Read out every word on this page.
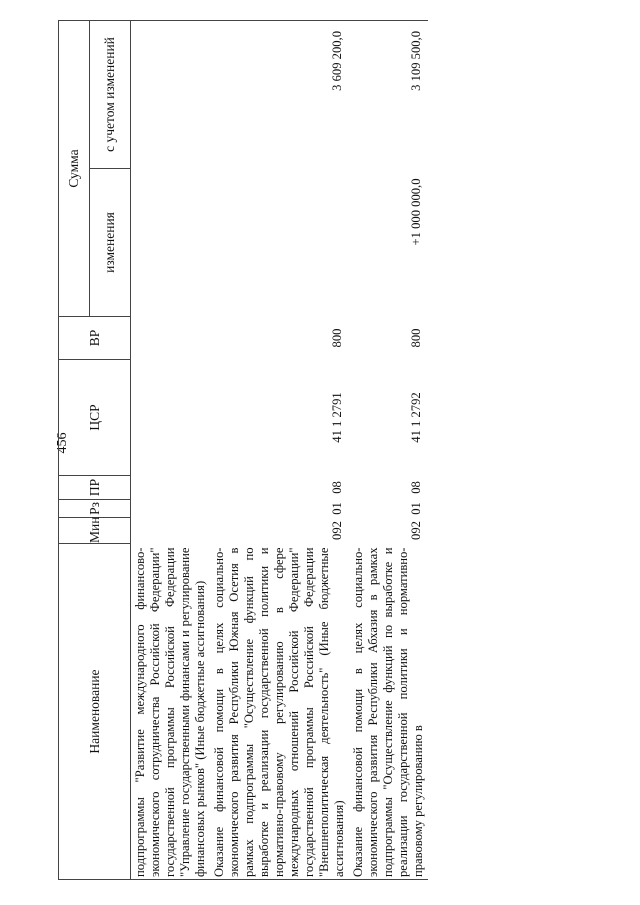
456
Наименование	Мин	Рз	ПР	ЦСР	ВР	Сумма	
						изменения	с учетом изменений
подпрограммы "Развитие международного финансово-экономического сотрудничества Российской Федерации" государственной программы Российской Федерации "Управление государственными финансами и регулирование финансовых рынков" (Иные бюджетные ассигнования)							
Оказание финансовой помощи в целях социально-экономического развития Республики Южная Осетия в рамках подпрограммы "Осуществление функций по выработке и реализации государственной политики и нормативно-правовому регулированию в сфере международных отношений Российской Федерации" государственной программы Российской Федерации "Внешнеполитическая деятельность" (Иные бюджетные ассигнования)	092	01	08	41 1 2791	800		3 609 200,0
Оказание финансовой помощи в целях социально-экономического развития Республики Абхазия в рамках подпрограммы "Осуществление функций по выработке и реализации государственной политики и нормативно-правовому регулированию в	092	01	08	41 1 2792	800	+1 000 000,0	3 109 500,0
